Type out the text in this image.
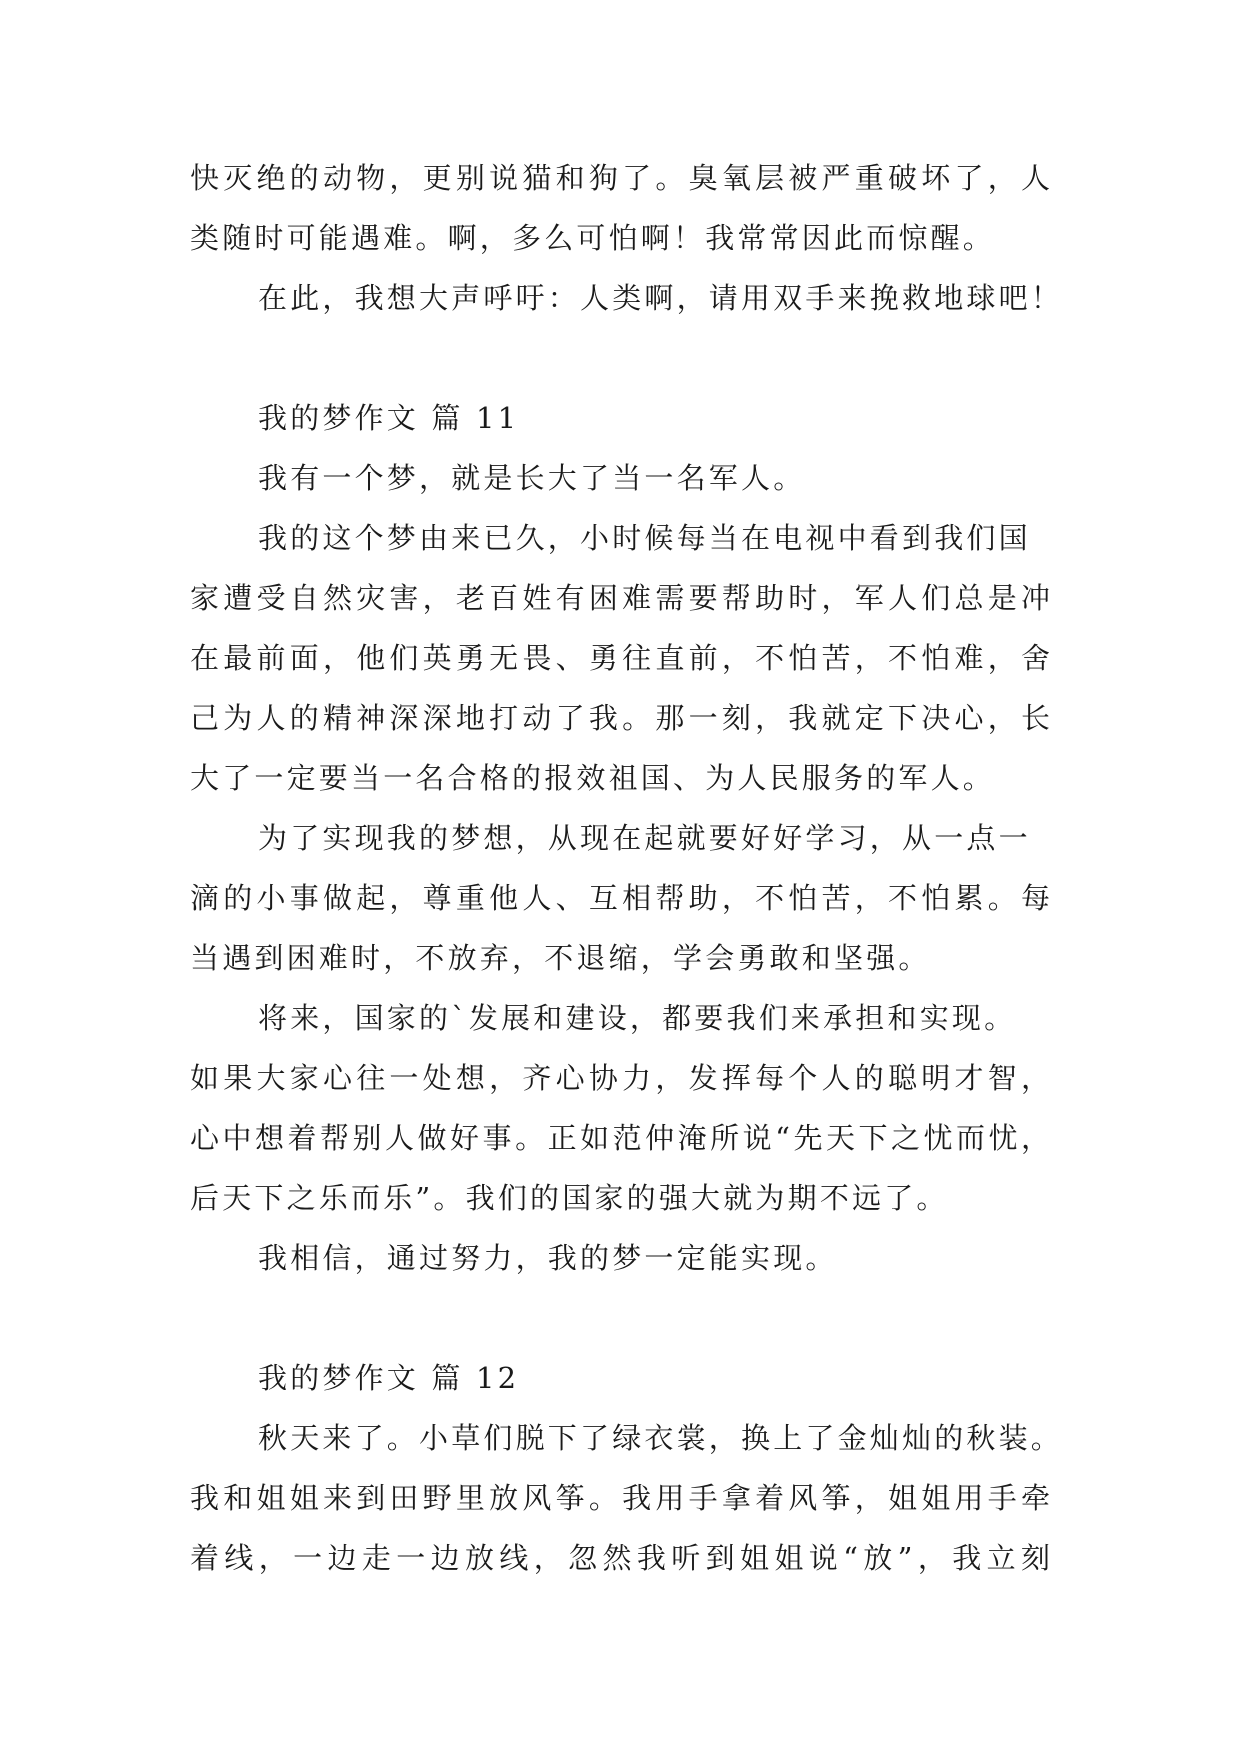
快灭绝的动物，更别说猫和狗了。臭氧层被严重破坏了，人
类随时可能遇难。啊，多么可怕啊！我常常因此而惊醒。
在此，我想大声呼吁：人类啊，请用双手来挽救地球吧！
我的梦作文 篇 11
我有一个梦，就是长大了当一名军人。
我的这个梦由来已久，小时候每当在电视中看到我们国
家遭受自然灾害，老百姓有困难需要帮助时，军人们总是冲
在最前面，他们英勇无畏、勇往直前，不怕苦，不怕难，舍
己为人的精神深深地打动了我。那一刻，我就定下决心，长
大了一定要当一名合格的报效祖国、为人民服务的军人。
为了实现我的梦想，从现在起就要好好学习，从一点一
滴的小事做起，尊重他人、互相帮助，不怕苦，不怕累。每
当遇到困难时，不放弃，不退缩，学会勇敢和坚强。
将来，国家的`发展和建设，都要我们来承担和实现。
如果大家心往一处想，齐心协力，发挥每个人的聪明才智，
心中想着帮别人做好事。正如范仲淹所说“先天下之忧而忧，
后天下之乐而乐”。我们的国家的强大就为期不远了。
我相信，通过努力，我的梦一定能实现。
我的梦作文 篇 12
秋天来了。小草们脱下了绿衣裳，换上了金灿灿的秋装。
我和姐姐来到田野里放风筝。我用手拿着风筝，姐姐用手牵
着线，一边走一边放线，忽然我听到姐姐说“放”，我立刻
